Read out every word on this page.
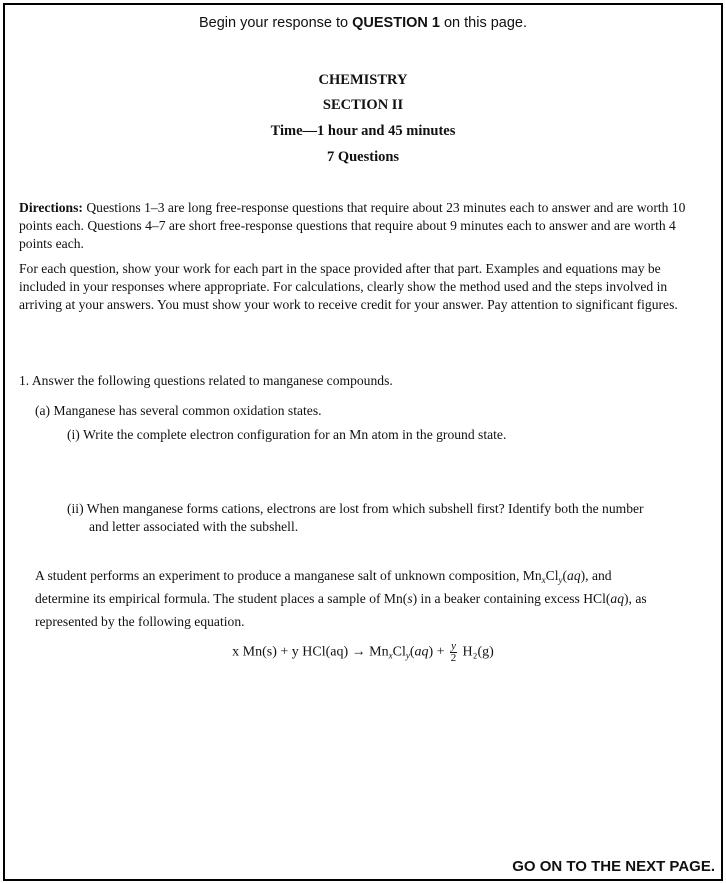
Begin your response to QUESTION 1 on this page.
CHEMISTRY
SECTION II
Time—1 hour and 45 minutes
7 Questions
Directions: Questions 1–3 are long free-response questions that require about 23 minutes each to answer and are worth 10 points each. Questions 4–7 are short free-response questions that require about 9 minutes each to answer and are worth 4 points each.
For each question, show your work for each part in the space provided after that part. Examples and equations may be included in your responses where appropriate. For calculations, clearly show the method used and the steps involved in arriving at your answers. You must show your work to receive credit for your answer. Pay attention to significant figures.
1. Answer the following questions related to manganese compounds.
(a) Manganese has several common oxidation states.
(i) Write the complete electron configuration for an Mn atom in the ground state.
(ii) When manganese forms cations, electrons are lost from which subshell first? Identify both the number
and letter associated with the subshell.
A student performs an experiment to produce a manganese salt of unknown composition, $Mn_xCl_y(aq)$, and
determine its empirical formula. The student places a sample of Mn(s) in a beaker containing excess HCl(aq), as
represented by the following equation.
x Mn(s) + y $HCl(aq) \to Mn_xCl_y(aq) + \frac{y}{2} H_2(g)$
GO ON TO THE NEXT PAGE.
